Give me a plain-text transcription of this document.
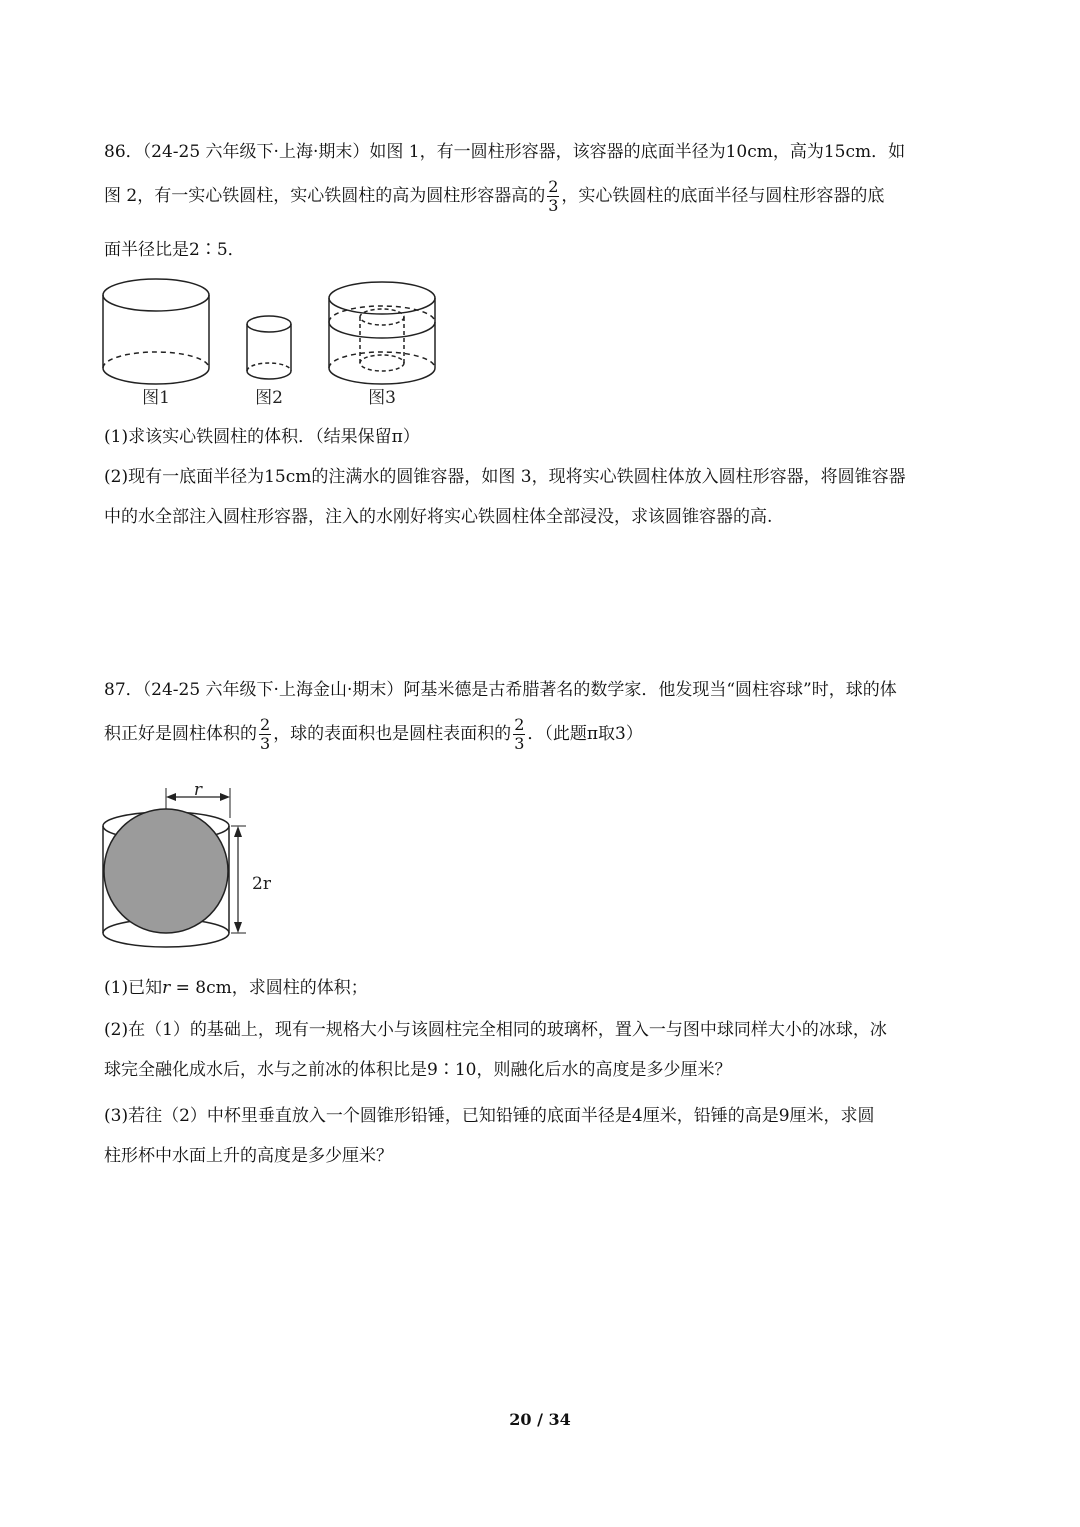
86．（24-25 六年级下·上海·期末）如图 1，有一圆柱形容器，该容器的底面半径为10cm，高为15cm．如
图 2，有一实心铁圆柱，实心铁圆柱的高为圆柱形容器高的 $\frac{2}{3}$ ，实心铁圆柱的底面半径与圆柱形容器的底
面半径比是2∶5．
图1	图2	图3
(1)求该实心铁圆柱的体积．（结果保留π）
(2)现有一底面半径为15cm的注满水的圆锥容器，如图 3，现将实心铁圆柱体放入圆柱形容器，将圆锥容器
中的水全部注入圆柱形容器，注入的水刚好将实心铁圆柱体全部浸没，求该圆锥容器的高.
87．（24-25 六年级下·上海金山·期末）阿基米德是古希腊著名的数学家．他发现当“圆柱容球”时，球的体
积正好是圆柱体积的 $\frac{2}{3}$ ，球的表面积也是圆柱表面积的 $\frac{2}{3}$ ．（此题π取3）
r
2r
(1)已知r = 8cm，求圆柱的体积；
(2)在（1）的基础上，现有一规格大小与该圆柱完全相同的玻璃杯，置入一与图中球同样大小的冰球，冰
球完全融化成水后，水与之前冰的体积比是9∶10，则融化后水的高度是多少厘米？
(3)若往（2）中杯里垂直放入一个圆锥形铅锤，已知铅锤的底面半径是4厘米，铅锤的高是9厘米，求圆
柱形杯中水面上升的高度是多少厘米？
20 / 34
